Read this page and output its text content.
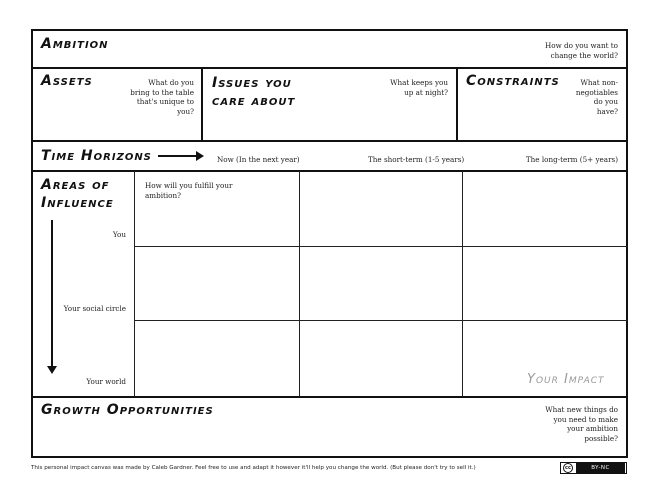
Ambition	How do you want to change the world?
Assets	What do you bring to the table that's unique to you?
Issues you
care about
What keeps you up at night?
Constraints	What non-negotiables do you have?
Time Horizons	Now (In the next year)	The short-term (1-5 years)	The long-term (5+ years)
Areas of
Influence
You
Your social circle
Your world
How will you fulfill your ambition?
Your Impact
Growth Opportunities	What new things do you need to make your ambition possible?
This personal impact canvas was made by Caleb Gardner. Feel free to use and adapt it however it'll help you change the world. (But please don't try to sell it.)	cc	BY-NC
